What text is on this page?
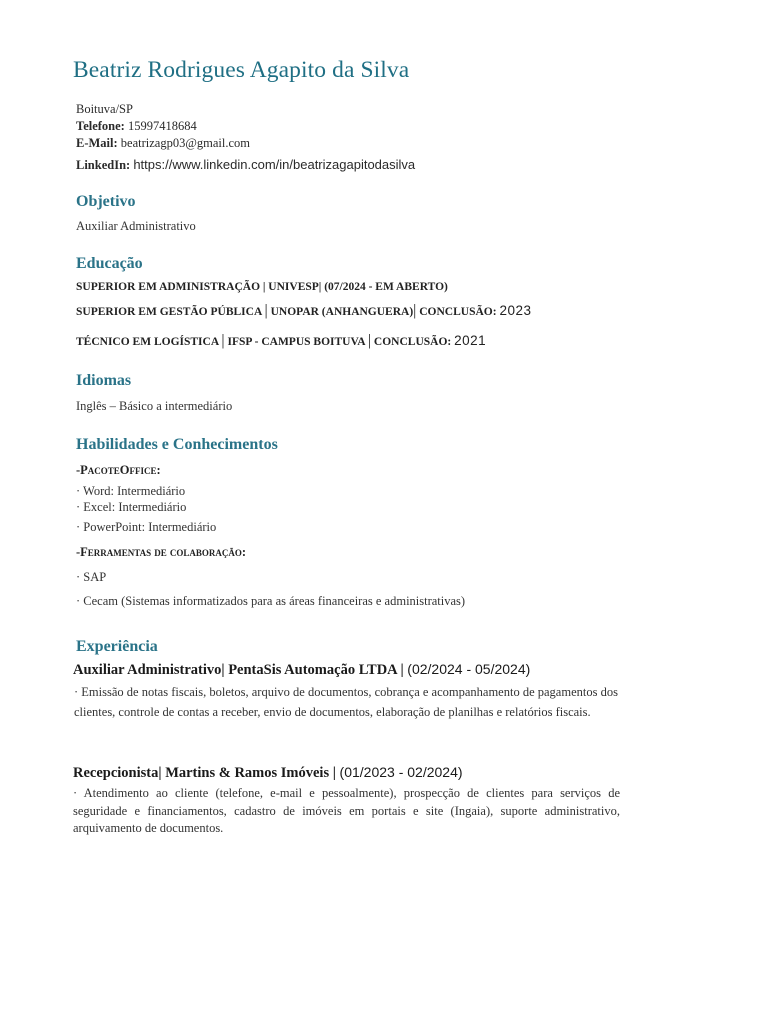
Beatriz Rodrigues Agapito da Silva
Boituva/SP
Telefone: 15997418684
E-Mail: beatrizagp03@gmail.com
LinkedIn: https://www.linkedin.com/in/beatrizagapitodasilva
Objetivo
Auxiliar Administrativo
Educação
SUPERIOR EM ADMINISTRAÇÃO | UNIVESP| (07/2024 - EM ABERTO)
SUPERIOR EM GESTÃO PÚBLICA | UNOPAR (ANHANGUERA)| CONCLUSÃO: 2023
TÉCNICO EM LOGÍSTICA | IFSP - CAMPUS BOITUVA | CONCLUSÃO: 2021
Idiomas
Inglês – Básico a intermediário
Habilidades e Conhecimentos
-PacoteOffice:
· Word: Intermediário
· Excel: Intermediário
· PowerPoint: Intermediário
-Ferramentas de colaboração:
· SAP
· Cecam (Sistemas informatizados para as áreas financeiras e administrativas)
Experiência
Auxiliar Administrativo| PentaSis Automação LTDA | (02/2024 - 05/2024)
· Emissão de notas fiscais, boletos, arquivo de documentos, cobrança e acompanhamento de pagamentos dos clientes, controle de contas a receber, envio de documentos, elaboração de planilhas e relatórios fiscais.
Recepcionista| Martins & Ramos Imóveis | (01/2023 - 02/2024)
· Atendimento ao cliente (telefone, e-mail e pessoalmente), prospecção de clientes para serviços de seguridade e financiamentos, cadastro de imóveis em portais e site (Ingaia), suporte administrativo, arquivamento de documentos.
